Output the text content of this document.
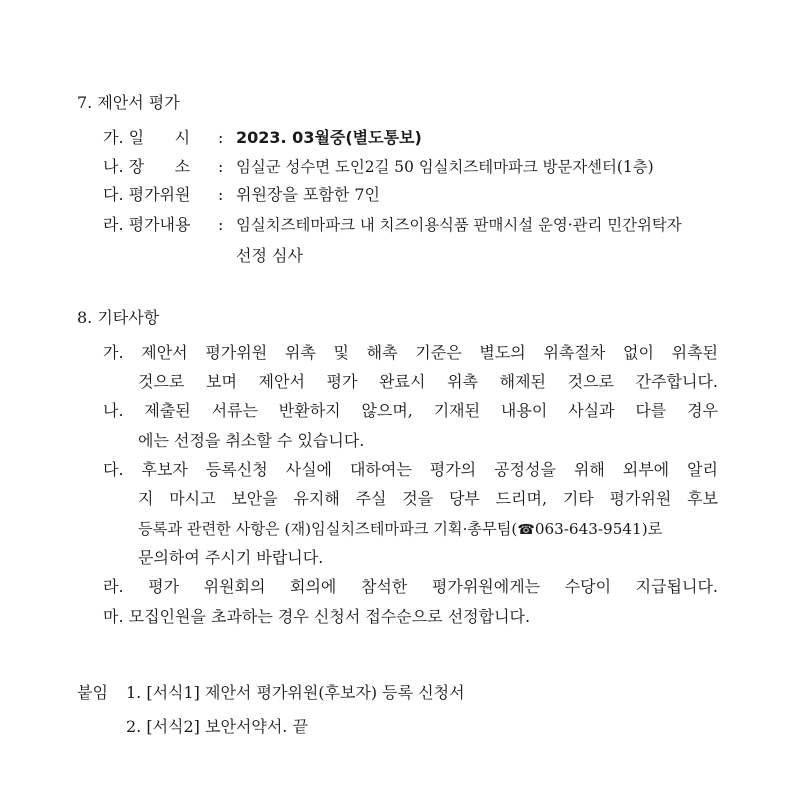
7. 제안서 평가
가. 일      시 : 2023. 03월중(별도통보)
나. 장      소 : 임실군 성수면 도인2길 50 임실치즈테마파크 방문자센터(1층)
다. 평가위원 : 위원장을 포함한 7인
라. 평가내용 : 임실치즈테마파크 내 치즈이용식품 판매시설 운영·관리 민간위탁자
선정 심사
8. 기타사항
가. 제안서 평가위원 위촉 및 해촉 기준은 별도의 위촉절차 없이 위촉된
것으로 보며 제안서 평가 완료시 위촉 해제된 것으로 간주합니다.
나. 제출된 서류는 반환하지 않으며, 기재된 내용이 사실과 다를 경우
에는 선정을 취소할 수 있습니다.
다. 후보자 등록신청 사실에 대하여는 평가의 공정성을 위해 외부에 알리
지 마시고 보안을 유지해 주실 것을 당부 드리며, 기타 평가위원 후보
등록과 관련한 사항은 (재)임실치즈테마파크 기획·총무팀(☎063-643-9541)로
문의하여 주시기 바랍니다.
라. 평가 위원회의 회의에 참석한 평가위원에게는 수당이 지급됩니다.
마. 모집인원을 초과하는 경우 신청서 접수순으로 선정합니다.
붙임 1. [서식1] 제안서 평가위원(후보자) 등록 신청서
2. [서식2] 보안서약서. 끝
